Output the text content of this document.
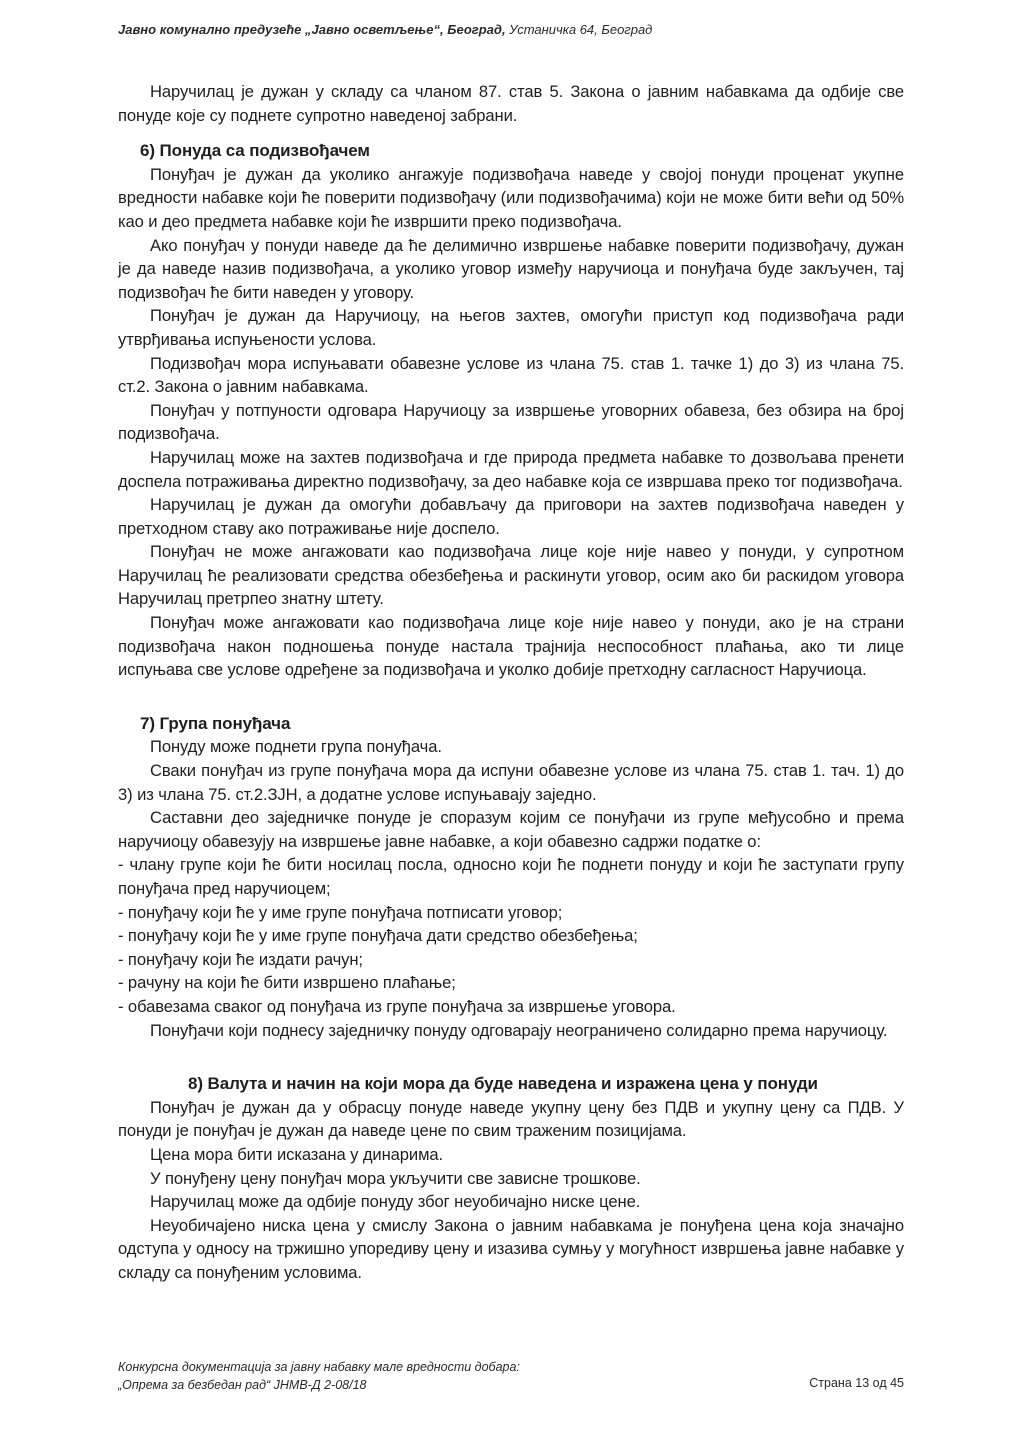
Јавно комунално предузеће „Јавно осветљење“, Београд, Устаничка 64, Београд

Наручилац је дужан у складу са чланом 87. став 5. Закона о јавним набавкама да одбије све понуде које су поднете супротно наведеној забрани.

6) Понуда са подизвођачем

Понуђач је дужан да уколико ангажује подизвођача наведе у својој понуди проценат укупне вредности набавке који ће поверити подизвођачу (или подизвођачима) који не може бити већи од 50% као и део предмета набавке који ће извршити преко подизвођача.

Ако понуђач у понуди наведе да ће делимично извршење набавке поверити подизвођачу, дужан је да наведе назив подизвођача, а уколико уговор између наручиоца и понуђача буде закључен, тај подизвођач ће бити наведен у уговору.

Понуђач је дужан да Наручиоцу, на његов захтев, омогући приступ код подизвођача ради утврђивања испуњености услова.

Подизвођач мора испуњавати обавезне услове из члана 75. став 1. тачке 1) до 3) из члана 75. ст.2. Закона о јавним набавкама.

Понуђач у потпуности одговара Наручиоцу за извршење уговорних обавеза, без обзира на број подизвођача.

Наручилац може на захтев подизвођача и где природа предмета набавке то дозвољава пренети доспела потраживања директно подизвођачу, за део набавке која се извршава преко тог подизвођача.

Наручилац је дужан да омогући добављачу да приговори на захтев подизвођача наведен у претходном ставу ако потраживање није доспело.

Понуђач не може ангажовати као подизвођача лице које није навео у понуди, у супротном Наручилац ће реализовати средства обезбеђења и раскинути уговор, осим ако би раскидом уговора Наручилац претрпео знатну штету.

Понуђач може ангажовати као подизвођача лице које није навео у понуди, ако је на страни подизвођача након подношења понуде настала трајнија неспособност плаћања, ако ти лице испуњава све услове одређене за подизвођача и уколко добије претходну сагласност Наручиоца.

7) Група понуђача

Понуду може поднети група понуђача.

Сваки понуђач из групе понуђача мора да испуни обавезне услове из члана 75. став 1. тач. 1) до 3) из члана 75. ст.2.ЗЈН, а додатне услове испуњавају заједно.

Саставни део заједничке понуде је споразум којим се понуђачи из групе међусобно и према наручиоцу обавезују на извршење јавне набавке, а који обавезно садржи податке о:

- члану групе који ће бити носилац посла, односно који ће поднети понуду и који ће заступати групу понуђача пред наручиоцем;

- понуђачу који ће у име групе понуђача потписати уговор;

- понуђачу који ће у име групе понуђача дати средство обезбеђења;

- понуђачу који ће издати рачун;

- рачуну на који ће бити извршено плаћање;

- обавезама сваког од понуђача из групе понуђача за извршење уговора.

Понуђачи који поднесу заједничку понуду одговарају неограничено солидарно према наручиоцу.

8) Валута и начин на који мора да буде наведена и изражена цена у понуди

Понуђач је дужан да у обрасцу понуде наведе укупну цену без ПДВ и укупну цену са ПДВ. У понуди је понуђач је дужан да наведе цене по свим траженим позицијама.

Цена мора бити исказана у динарима.

У понуђену цену понуђач мора укључити све зависне трошкове.

Наручилац може да одбије понуду због неуобичајно ниске цене.

Неуобичајено ниска цена у смислу Закона о јавним набавкама је понуђена цена која значајно одступа у односу на тржишно упоредиву цену и изазива сумњу у могућност извршења јавне набавке у складу са понуђеним условима.

Конкурсна документација за јавну набавку мале вредности добара:
„Опрема за безбедан рад“ ЈНМВ-Д 2-08/18	Страна 13 од 45
